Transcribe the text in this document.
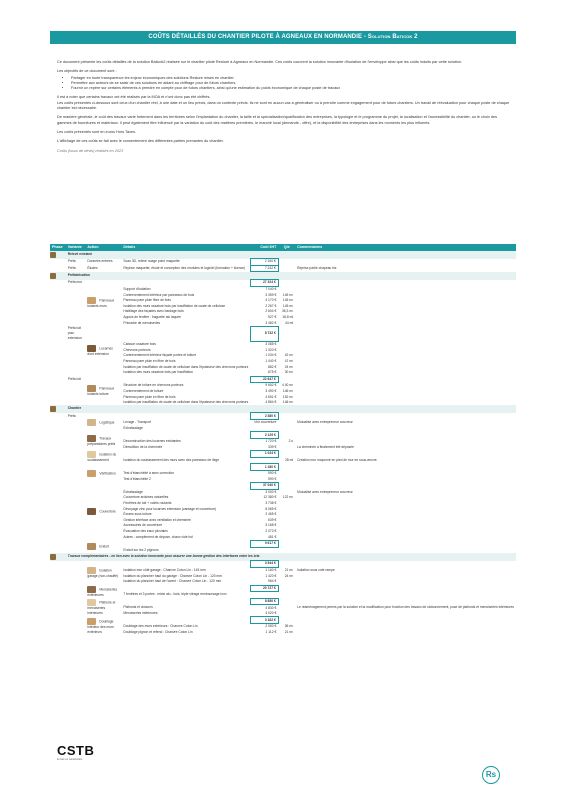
COÛTS DÉTAILLÉS DU CHANTIER PILOTE À AGNEAUX EN NORMANDIE - Solution Baticok 2

Ce document présente les coûts détaillés de la solution Baticok2 réalisée sur le chantier pilote Restore à Agneaux en Normandie. Ces coûts couvrent la solution innovante d'isolation de l'enveloppe ainsi que les coûts induits par cette solution.

Les objectifs de ce document sont :

• Partager en toute transparence les enjeux économiques des solutions Restore mises en chantier
• Permettre aux acteurs de se saisir de ces solutions en aidant au chiffrage pour de futurs chantiers
• Fournir un repère sur certains éléments à prendre en compte pour de futurs chantiers, ainsi qu'une estimation du poids économique de chaque poste de travaux

Il est à noter que certains travaux ont été réalisés par la MOA et n'ont donc pas été chiffrés.

Les coûts présentés ci-dessous sont ceux d'un chantier réel, à une date et un lieu précis, dans un contexte précis. Ils ne sont en aucun cas à généraliser ou à prendre comme engagement pour de futurs chantiers. Un travail de réévaluation pour chaque poste de chaque chantier est nécessaire.

De manière générale, le coût des travaux varie fortement dans les territoires selon l'implantation du chantier, la taille et la spécialisation/qualification des entreprises, la typologie et le programme du projet, la localisation et l'accessibilité du chantier, ou le choix des gammes de fournitures et matériaux. Il peut également être influencé par la variation du coût des matières premières, le marché local (demande - offre), et la disponibilité des entreprises dans les moments les plus influents.

Les coûts présentés sont en euros Hors Taxes.

L'affichage de ces coûts se fait avec le consentement des différentes parties prenantes du chantier.

Coûts (issus de devis) réalisés en 2023

Phase	Variante	Action	Détails	Coût €HT	Qté	Commentaires
	Relevé existant					
	Préfa	Données entrées	Scan 3D, relevé nuage point maquette	2 160 €		
	Préfa	Études	Reprise maquette, étude et conception des modules et logiciel (formation + licence)	7 242 €		Reprise partie chapeau bis
	Préfabrication					
	Préfa mur	Panneaux isolants murs		27 324 €		
			Support d'isolation	7 040 €		
			Contreventement intérieur par panneaux de bois	3 359 €	145 m²	
			Panneau pare pluie fibre de bois	4 170 €	145 m²	
			Isolation des murs ossature bois par insufflation de ouate de cellulose	2 267 €	145 m²	
			Habillage des façades avec bardage bois	2 604 €	36,3 m²	
			Appuis de fenêtre : baguette alu laquée	927 €	18,8 ml	
			Précadre de menuiseries	3 482 €	44 ml	
	Préfa toit pour extension	Lucarnes dont extension		8 732 €		
			Caisson ossature bois	3 085 €		
			Chevrons porteurs	1 320 €		
			Contreventement intérieur façade portes et toiture	1 034 €	42 m²	
			Panneau pare pluie en fibre de bois	1 440 €	47 m²	
			Isolation par insufflation de ouate de cellulose dans l'épaisseur des chevrons porteurs	882 €	24 m²	
			Isolation des murs ossature bois par insufflation	675 €	30 m²	
	Préfa toit	Panneaux isolants toiture		22 647 €		
			Structure de toiture en chevrons porteurs	9 652 €	4 40 m²	
			Contreventement de toiture	3 490 €	146 m²	
			Panneau pare pluie en fibre de bois	4 651 €	152 m²	
			Isolation par insufflation de ouate de cellulose dans l'épaisseur des chevrons porteurs	4 864 €	146 m²	
	Chantier					
	Préfa	Logistique		2 380 €		
			Levage - Transport	Voir couverture		Mutualisé avec entrepreneur couvreur
			Échafaudage			
		Travaux préparatoires préfa		2 129 €		
			Déconstruction des lucarnes existantes	1 720 €	2 u	
			Démolition de la cheminée	339 €		La cheminée a finalement été déposée
		Isolation du soubassement		1 024 €		
			Isolation du soubassement des murs avec des panneaux de liège		28 ml	Création mur maçonné en pied de mur en sous-œuvre
		Vérification		1 180 €		
			Test d'étanchéité à avec correction	590 €		
			Test d'étanchéité 2	590 €		
		Couverture		37 040 €		
			Échafaudage	3 000 €		Mutualisé avec entrepreneur couvreur
			Couverture ardoises naturelles	12 380 €	122 m²	
			Fenêtres de toit + volets roulants	3 738 €		
			Dévoyage zinc pour lucarnes extension (zardage et couverture)	8 065 €		
			Écrans sous toiture	2 465 €		
			Gestion interface avec ventilation et cheminée	639 €		
			Accessoires de couverture	3 168 €		
			Évacuation des eaux pluviales	2 073 €		
			Autres : complément de dépose, chaux vide bol	481 €		
		Enduit		9 617 €		
			Enduit sur les 2 pignons			
	Travaux complémentaires - en lien avec la solution innovante pour assurer une bonne gestion des interfaces entre les lots					
		Isolation garage (non-chauffé)		3 544 €		
			Isolation mur côté garage : Chanvre Coton Lin - 145 mm	1 160 €	21 m²	Isolation sous cote rampe
			Isolation du plancher haut du garage : Chanvre Coton Lin - 120 mm	1 420 €	24 m²	
			Isolation du plancher haut de l'avent : Chanvre Coton Lin - 120 mm	964 €		
		Menuiseries extérieures		20 727 €		
			7 fenêtres et 3 portes : mixte alu - bois, triple vitrage remboursage inox			
		Plâtrerie et menuiseries intérieures		8 850 €		
			Plafonds et cloisons	4 830 €		Le réaménagement permis par la solution et la modification pour fonction des travaux de cloisonnement, pose de plafonds et menuiseries intérieures
			Menuiseries intérieures	4 020 €		
		Doublage intérieur des murs extérieurs		3 162 €		
			Doublage des murs extérieurs : Chanvre Coton Lin	2 050 €	36 m²	
			Doublage pignon et refend : Chanvre Coton Lin	1 112 €	21 m²	
CSTB
le futur en construction
Rs
